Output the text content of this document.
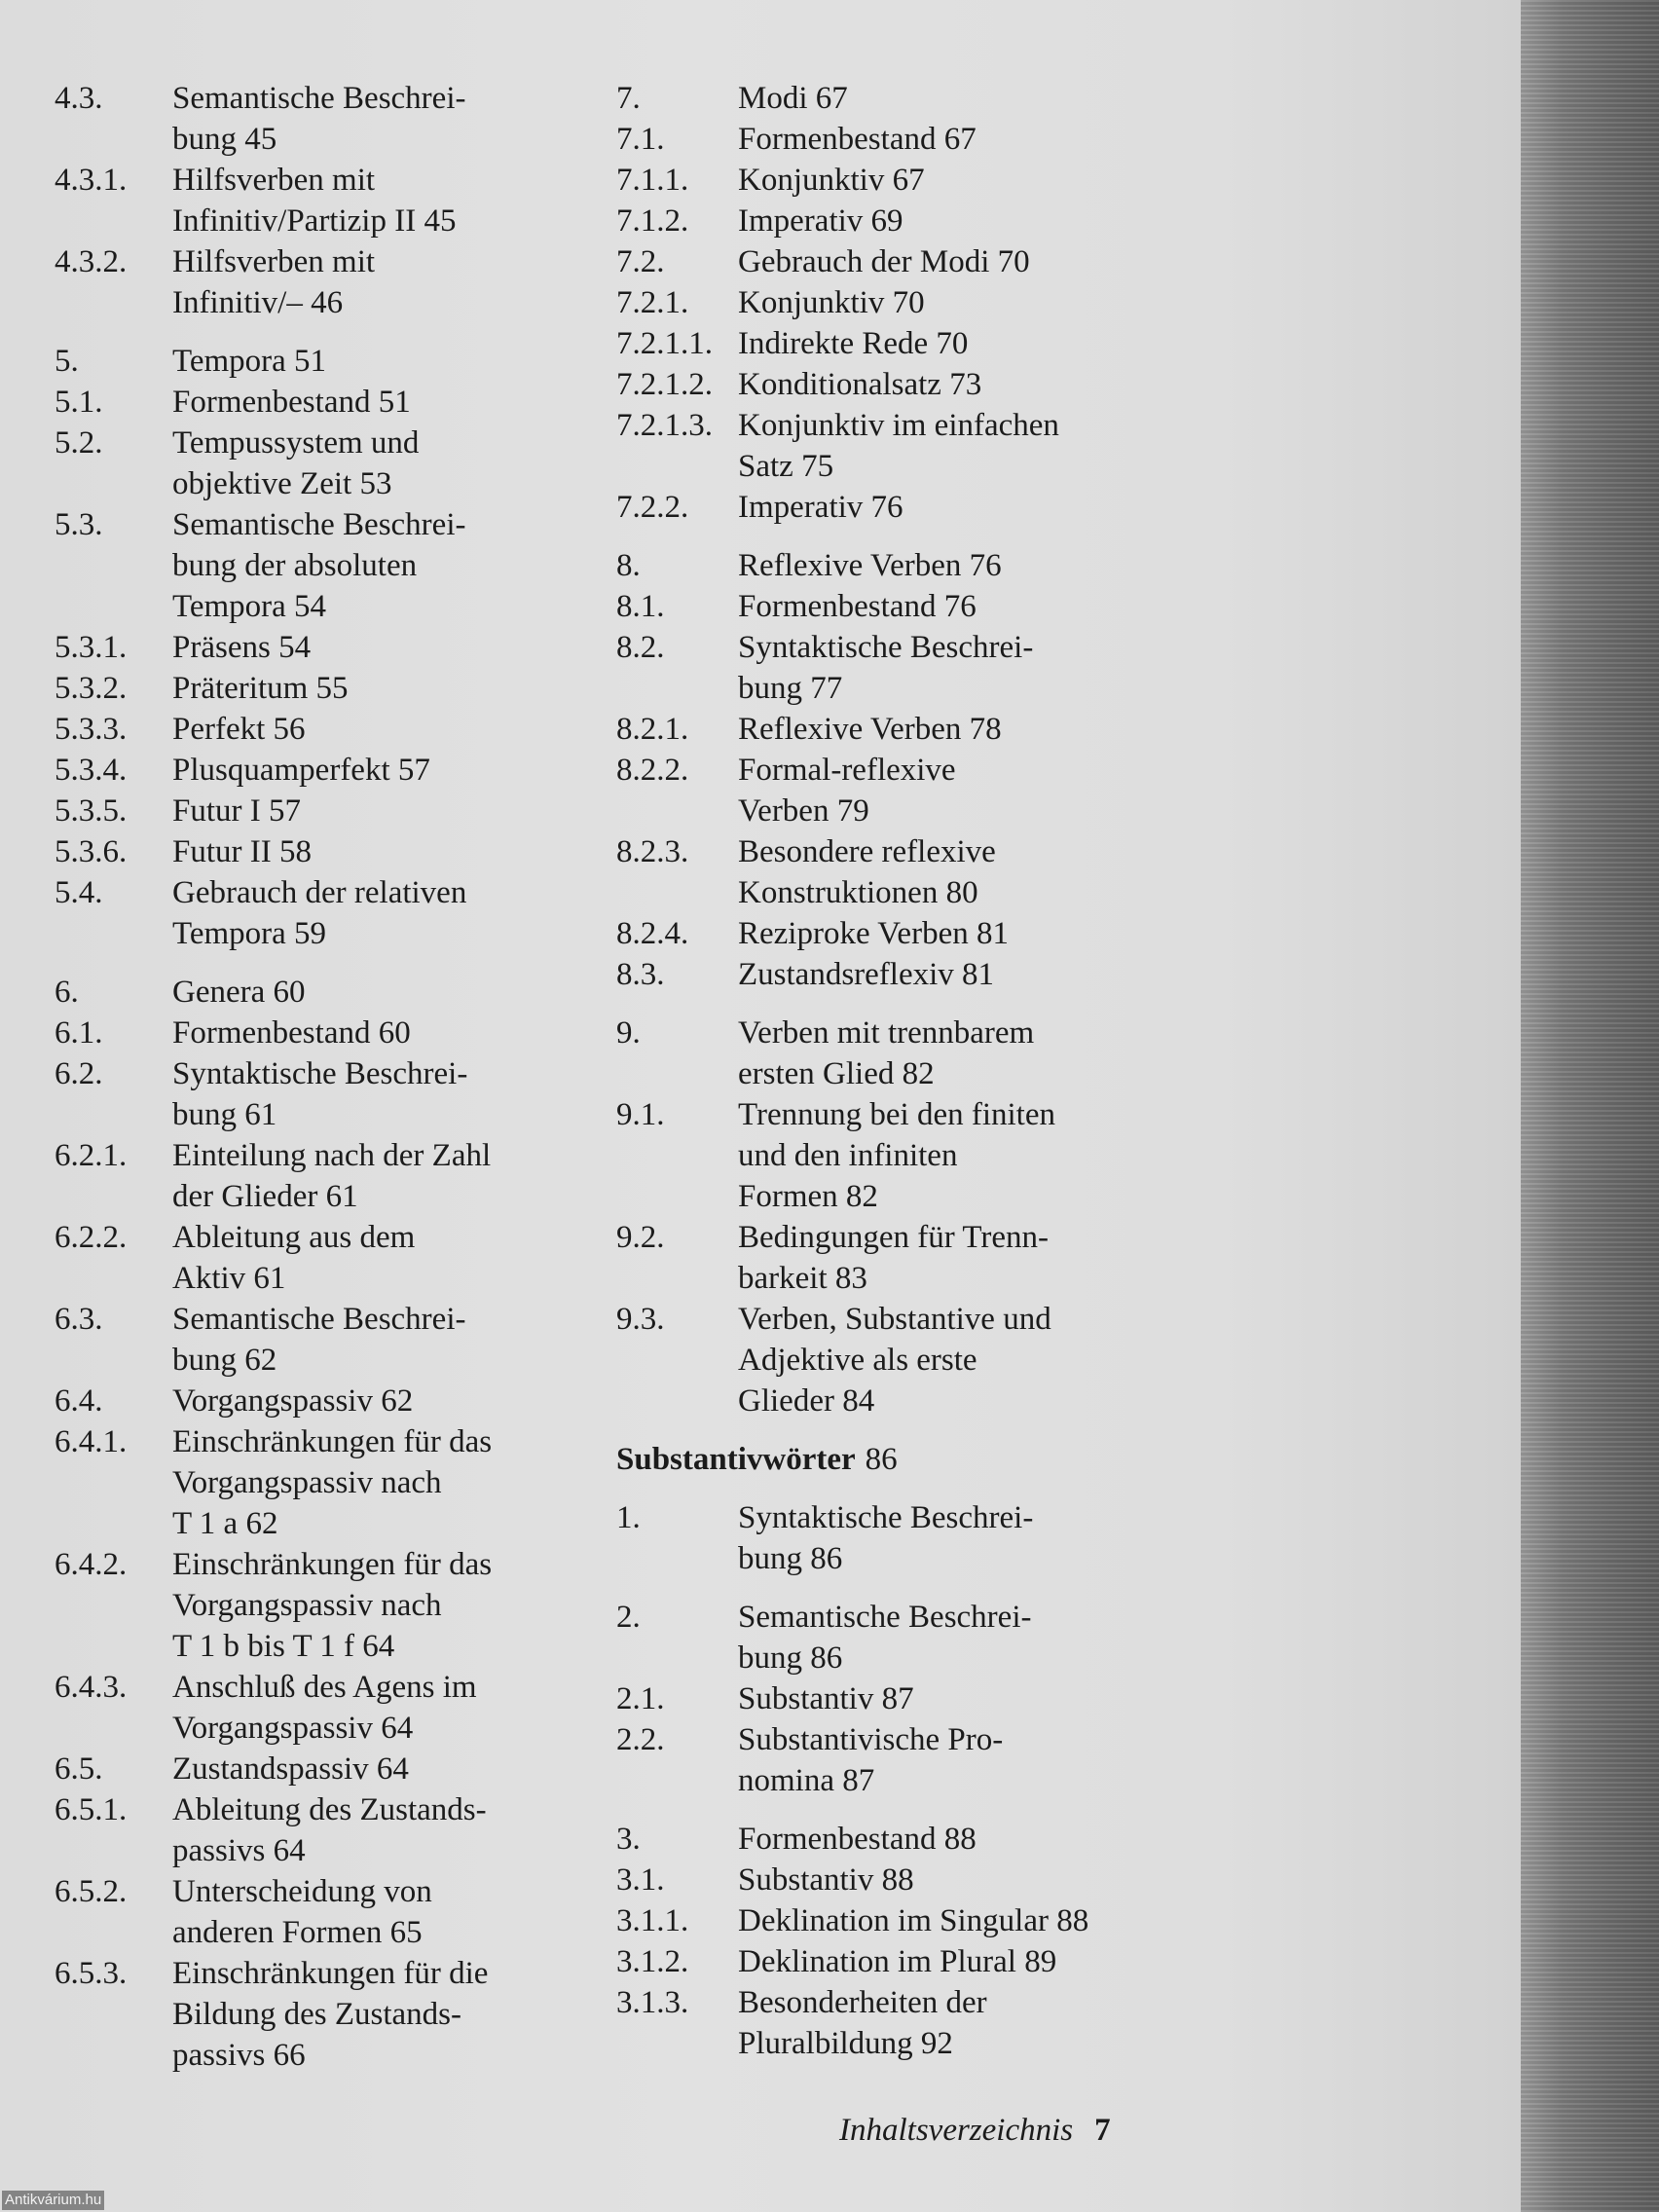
4.3.	Semantische Beschrei-
bung 45
4.3.1.	Hilfsverben mit
Infinitiv/Partizip II 45
4.3.2.	Hilfsverben mit
Infinitiv/– 46
5.	Tempora 51
5.1.	Formenbestand 51
5.2.	Tempussystem und
objektive Zeit 53
5.3.	Semantische Beschrei-
bung der absoluten
Tempora 54
5.3.1.	Präsens 54
5.3.2.	Präteritum 55
5.3.3.	Perfekt 56
5.3.4.	Plusquamperfekt 57
5.3.5.	Futur I 57
5.3.6.	Futur II 58
5.4.	Gebrauch der relativen
Tempora 59
6.	Genera 60
6.1.	Formenbestand 60
6.2.	Syntaktische Beschrei-
bung 61
6.2.1.	Einteilung nach der Zahl
der Glieder 61
6.2.2.	Ableitung aus dem
Aktiv 61
6.3.	Semantische Beschrei-
bung 62
6.4.	Vorgangspassiv 62
6.4.1.	Einschränkungen für das
Vorgangspassiv nach
T 1 a 62
6.4.2.	Einschränkungen für das
Vorgangspassiv nach
T 1 b bis T 1 f 64
6.4.3.	Anschluß des Agens im
Vorgangspassiv 64
6.5.	Zustandspassiv 64
6.5.1.	Ableitung des Zustands-
passivs 64
6.5.2.	Unterscheidung von
anderen Formen 65
6.5.3.	Einschränkungen für die
Bildung des Zustands-
passivs 66
7.	Modi 67
7.1.	Formenbestand 67
7.1.1.	Konjunktiv 67
7.1.2.	Imperativ 69
7.2.	Gebrauch der Modi 70
7.2.1.	Konjunktiv 70
7.2.1.1. Indirekte Rede 70
7.2.1.2. Konditionalsatz 73
7.2.1.3. Konjunktiv im einfachen
Satz 75
7.2.2.	Imperativ 76
8.	Reflexive Verben 76
8.1.	Formenbestand 76
8.2.	Syntaktische Beschrei-
bung 77
8.2.1.	Reflexive Verben 78
8.2.2.	Formal-reflexive
Verben 79
8.2.3.	Besondere reflexive
Konstruktionen 80
8.2.4.	Reziproke Verben 81
8.3.	Zustandsreflexiv 81
9.	Verben mit trennbarem
ersten Glied 82
9.1.	Trennung bei den finiten
und den infiniten
Formen 82
9.2.	Bedingungen für Trenn-
barkeit 83
9.3.	Verben, Substantive und
Adjektive als erste
Glieder 84
Substantivwörter 86
1.	Syntaktische Beschrei-
bung 86
2.	Semantische Beschrei-
bung 86
2.1.	Substantiv 87
2.2.	Substantivische Pro-
nomina 87
3.	Formenbestand 88
3.1.	Substantiv 88
3.1.1.	Deklination im Singular 88
3.1.2.	Deklination im Plural 89
3.1.3.	Besonderheiten der
Pluralbildung 92
Inhaltsverzeichnis 7
Antikvárium.hu
